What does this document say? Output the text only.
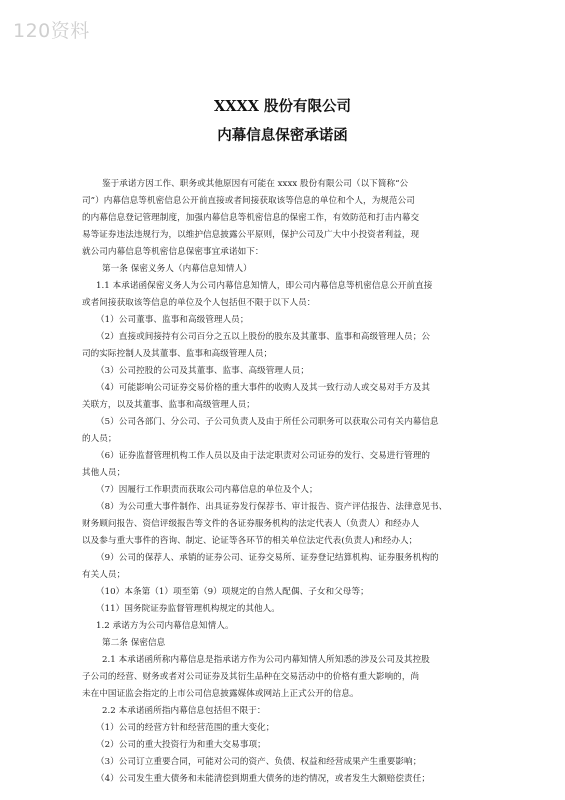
120资料
XXXX 股份有限公司
内幕信息保密承诺函
鉴于承诺方因工作、职务或其他原因有可能在 xxxx 股份有限公司（以下简称“公
司”）内幕信息等机密信息公开前直接或者间接获取该等信息的单位和个人，为规范公司
的内幕信息登记管理制度，加强内幕信息等机密信息的保密工作，有效防范和打击内幕交
易等证券违法违规行为，以维护信息披露公平原则，保护公司及广大中小投资者利益，现
就公司内幕信息等机密信息保密事宜承诺如下：
第一条 保密义务人（内幕信息知情人）
1.1 本承诺函保密义务人为公司内幕信息知情人，即公司内幕信息等机密信息公开前直接
或者间接获取该等信息的单位及个人包括但不限于以下人员：
（1）公司董事、监事和高级管理人员；
（2）直接或间接持有公司百分之五以上股份的股东及其董事、监事和高级管理人员；公
司的实际控制人及其董事、监事和高级管理人员；
（3）公司控股的公司及其董事、监事、高级管理人员；
（4）可能影响公司证券交易价格的重大事件的收购人及其一致行动人或交易对手方及其
关联方，以及其董事、监事和高级管理人员；
（5）公司各部门、分公司、子公司负责人及由于所任公司职务可以获取公司有关内幕信息
的人员；
（6）证券监督管理机构工作人员以及由于法定职责对公司证券的发行、交易进行管理的
其他人员；
（7）因履行工作职责而获取公司内幕信息的单位及个人；
（8）为公司重大事件制作、出具证券发行保荐书、审计报告、资产评估报告、法律意见书、
财务顾问报告、资信评级报告等文件的各证券服务机构的法定代表人（负责人）和经办人
以及参与重大事件的咨询、制定、论证等各环节的相关单位法定代表(负责人)和经办人；
（9）公司的保荐人、承销的证券公司、证券交易所、证券登记结算机构、证券服务机构的
有关人员；
（10）本条第（1）项至第（9）项规定的自然人配偶、子女和父母等；
（11）国务院证券监督管理机构规定的其他人。
1.2 承诺方为公司内幕信息知情人。
第二条 保密信息
2.1 本承诺函所称内幕信息是指承诺方作为公司内幕知情人所知悉的涉及公司及其控股
子公司的经营、财务或者对公司证券及其衍生品种在交易活动中的价格有重大影响的，尚
未在中国证监会指定的上市公司信息披露媒体或网站上正式公开的信息。
2.2 本承诺函所指内幕信息包括但不限于：
（1）公司的经营方针和经营范围的重大变化；
（2）公司的重大投资行为和重大交易事项；
（3）公司订立重要合同，可能对公司的资产、负债、权益和经营成果产生重要影响；
（4）公司发生重大债务和未能清偿到期重大债务的违约情况，或者发生大额赔偿责任；
